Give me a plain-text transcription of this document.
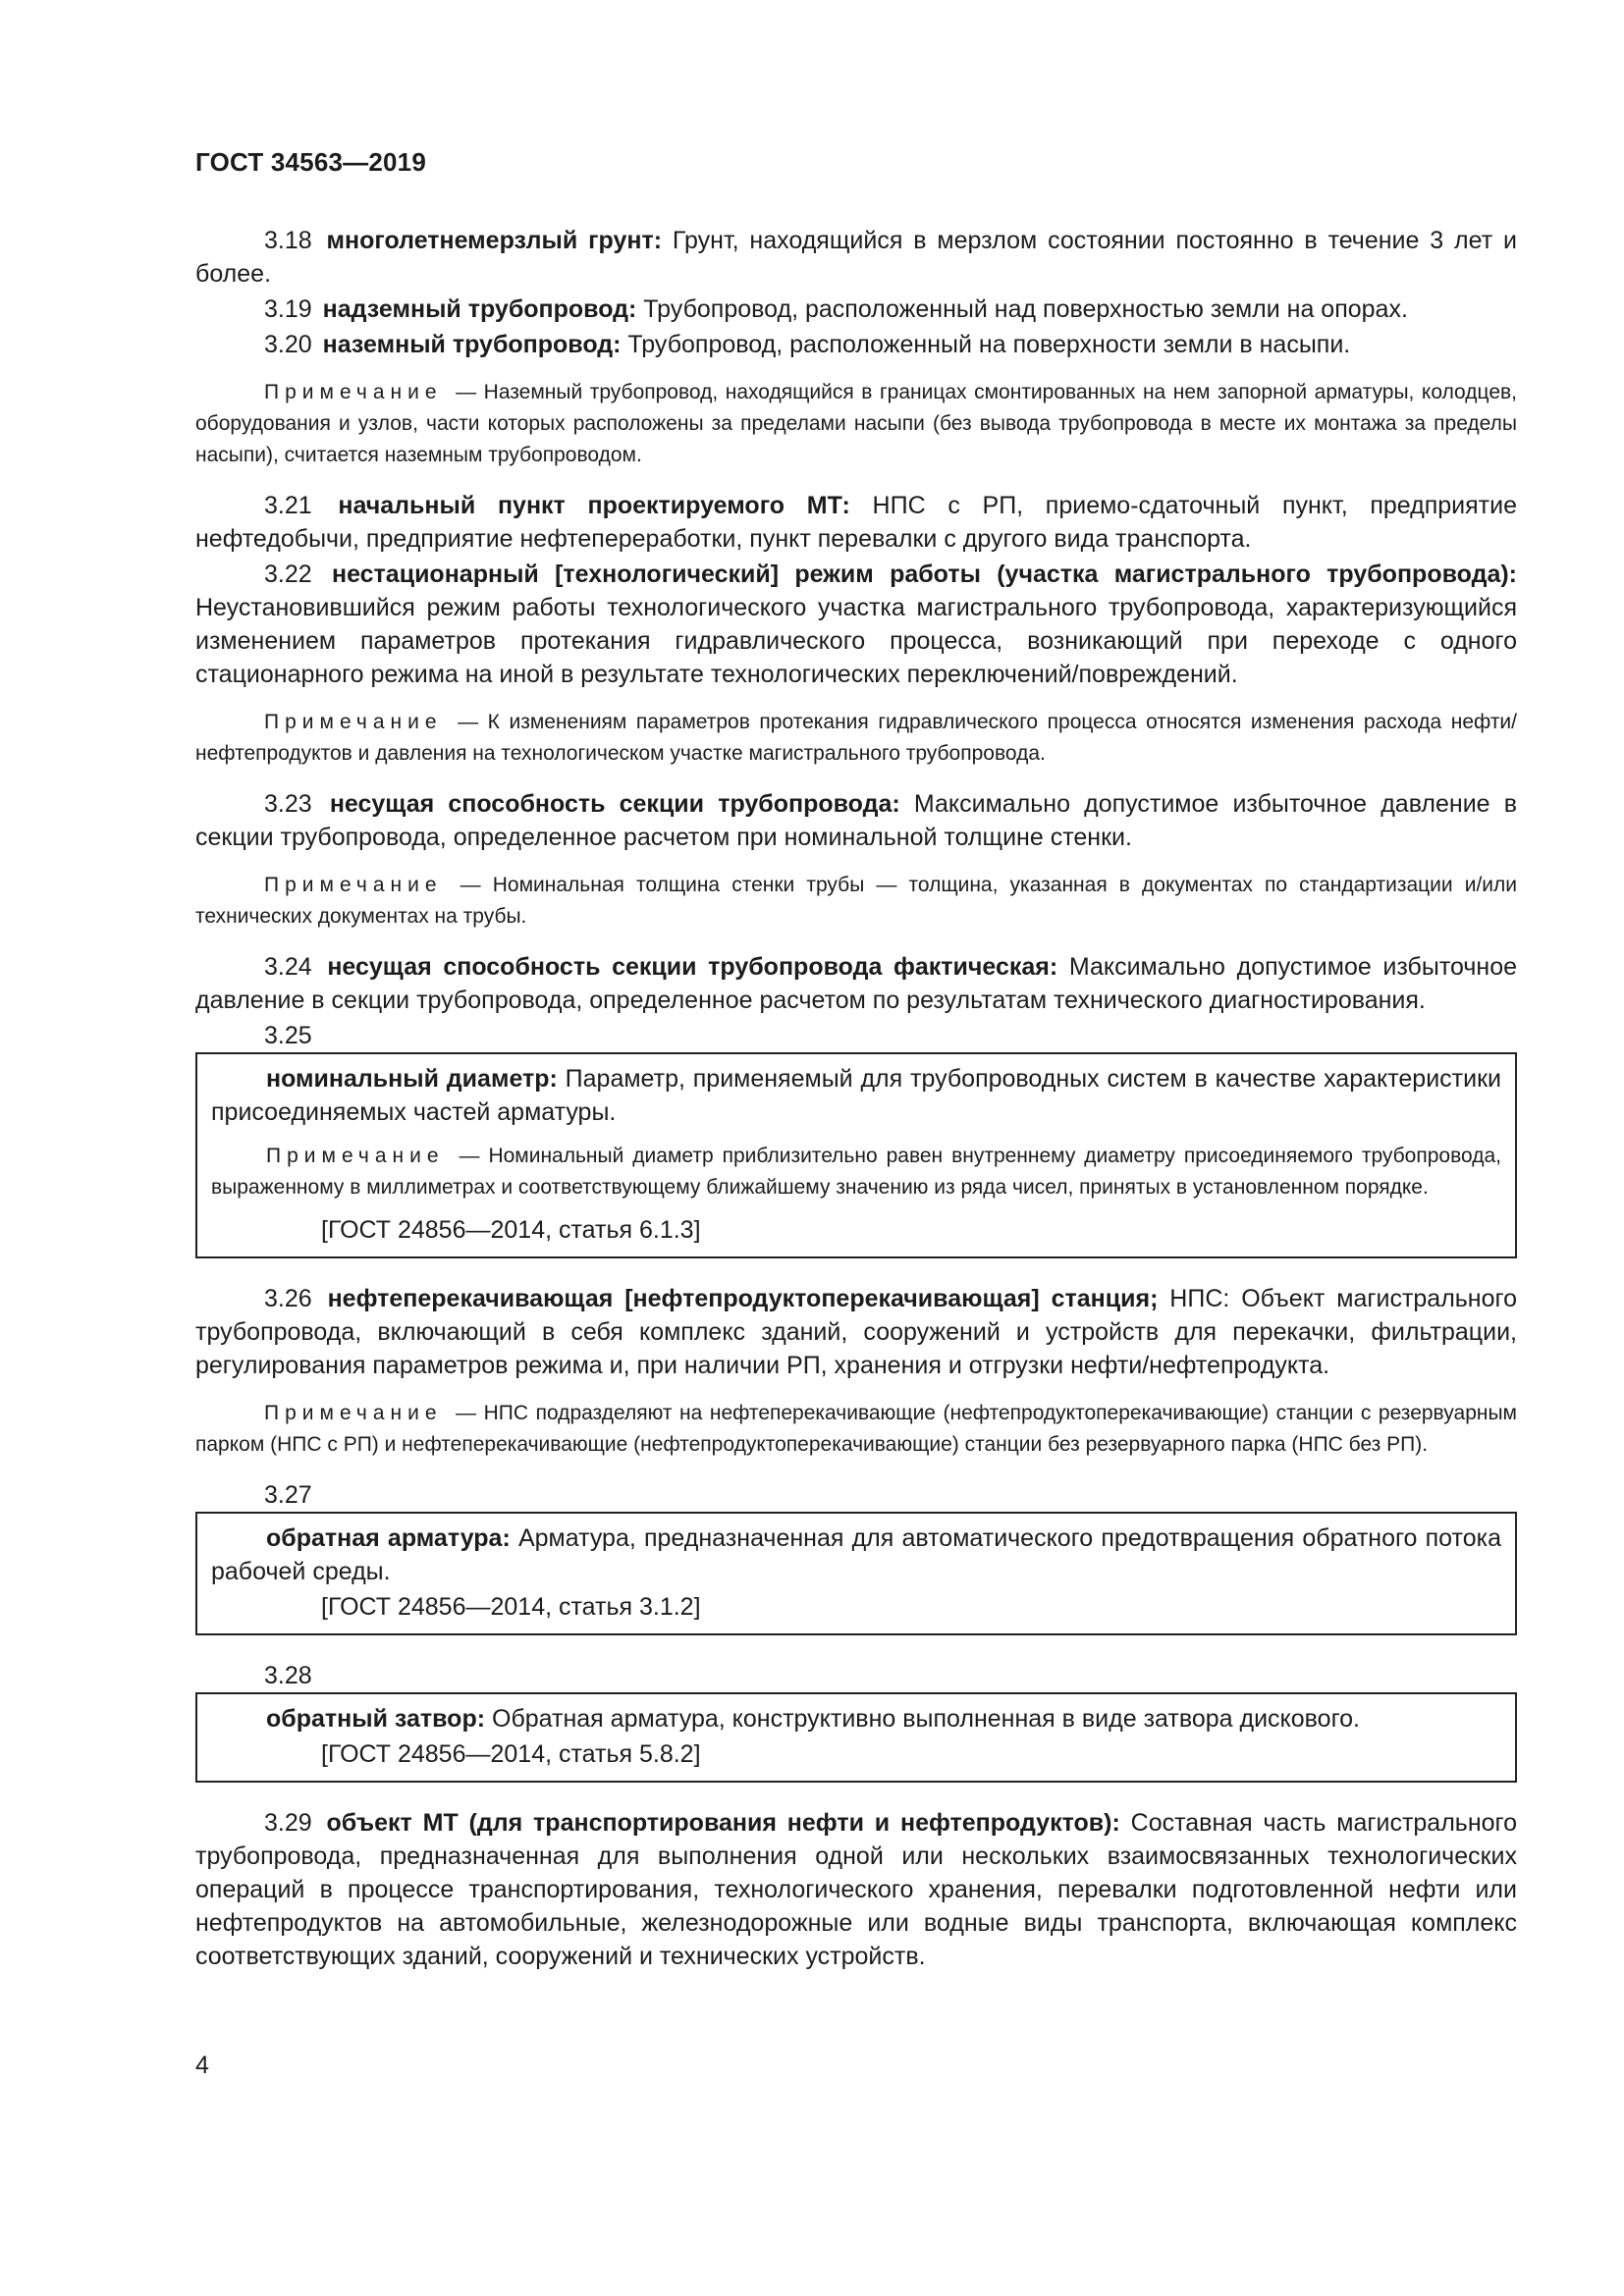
ГОСТ 34563—2019

3.18 многолетнемерзлый грунт: Грунт, находящийся в мерзлом состоянии постоянно в течение 3 лет и более.

3.19 надземный трубопровод: Трубопровод, расположенный над поверхностью земли на опорах.

3.20 наземный трубопровод: Трубопровод, расположенный на поверхности земли в насыпи.

Примечание — Наземный трубопровод, находящийся в границах смонтированных на нем запорной арматуры, колодцев, оборудования и узлов, части которых расположены за пределами насыпи (без вывода трубопровода в месте их монтажа за пределы насыпи), считается наземным трубопроводом.

3.21 начальный пункт проектируемого МТ: НПС с РП, приемо-сдаточный пункт, предприятие нефтедобычи, предприятие нефтепереработки, пункт перевалки с другого вида транспорта.

3.22 нестационарный [технологический] режим работы (участка магистрального трубопровода): Неустановившийся режим работы технологического участка магистрального трубопровода, характеризующийся изменением параметров протекания гидравлического процесса, возникающий при переходе с одного стационарного режима на иной в результате технологических переключений/повреждений.

Примечание — К изменениям параметров протекания гидравлического процесса относятся изменения расхода нефти/нефтепродуктов и давления на технологическом участке магистрального трубопровода.

3.23 несущая способность секции трубопровода: Максимально допустимое избыточное давление в секции трубопровода, определенное расчетом при номинальной толщине стенки.

Примечание — Номинальная толщина стенки трубы — толщина, указанная в документах по стандартизации и/или технических документах на трубы.

3.24 несущая способность секции трубопровода фактическая: Максимально допустимое избыточное давление в секции трубопровода, определенное расчетом по результатам технического диагностирования.

3.25

номинальный диаметр: Параметр, применяемый для трубопроводных систем в качестве характеристики присоединяемых частей арматуры.

Примечание — Номинальный диаметр приблизительно равен внутреннему диаметру присоединяемого трубопровода, выраженному в миллиметрах и соответствующему ближайшему значению из ряда чисел, принятых в установленном порядке.

[ГОСТ 24856—2014, статья 6.1.3]

3.26 нефтеперекачивающая [нефтепродуктоперекачивающая] станция; НПС: Объект магистрального трубопровода, включающий в себя комплекс зданий, сооружений и устройств для перекачки, фильтрации, регулирования параметров режима и, при наличии РП, хранения и отгрузки нефти/нефтепродукта.

Примечание — НПС подразделяют на нефтеперекачивающие (нефтепродуктоперекачивающие) станции с резервуарным парком (НПС с РП) и нефтеперекачивающие (нефтепродуктоперекачивающие) станции без резервуарного парка (НПС без РП).

3.27

обратная арматура: Арматура, предназначенная для автоматического предотвращения обратного потока рабочей среды.

[ГОСТ 24856—2014, статья 3.1.2]

3.28

обратный затвор: Обратная арматура, конструктивно выполненная в виде затвора дискового.

[ГОСТ 24856—2014, статья 5.8.2]

3.29 объект МТ (для транспортирования нефти и нефтепродуктов): Составная часть магистрального трубопровода, предназначенная для выполнения одной или нескольких взаимосвязанных технологических операций в процессе транспортирования, технологического хранения, перевалки подготовленной нефти или нефтепродуктов на автомобильные, железнодорожные или водные виды транспорта, включающая комплекс соответствующих зданий, сооружений и технических устройств.

4
